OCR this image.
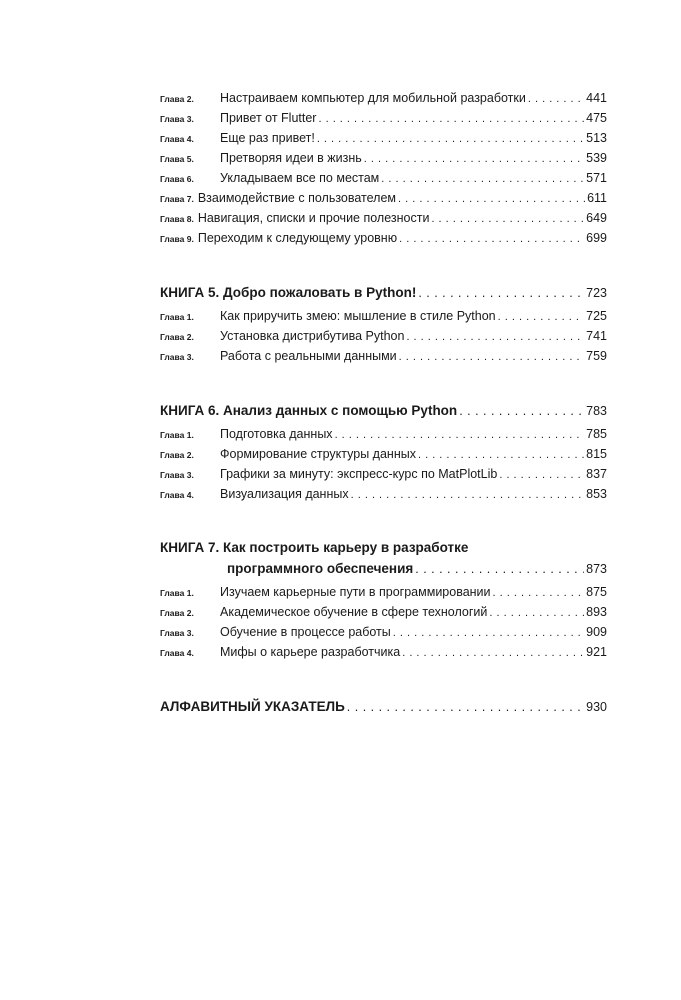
Глава 2.	Настраиваем компьютер для мобильной разработки . . .	441
Глава 3.	Привет от Flutter . . .	475
Глава 4.	Еще раз привет! . . .	513
Глава 5.	Претворяя идеи в жизнь . . .	539
Глава 6.	Укладываем все по местам . . .	571
Глава 7. Взаимодействие с пользователем . . .	611
Глава 8. Навигация, списки и прочие полезности . . .	649
Глава 9. Переходим к следующему уровню . . .	699
КНИГА 5. Добро пожаловать в Python! . . .	723
Глава 1.	Как приручить змею: мышление в стиле Python . . .	725
Глава 2.	Установка дистрибутива Python . . .	741
Глава 3.	Работа с реальными данными . . .	759
КНИГА 6. Анализ данных с помощью Python . . .	783
Глава 1.	Подготовка данных . . .	785
Глава 2.	Формирование структуры данных . . .	815
Глава 3.	Графики за минуту: экспресс-курс по MatPlotLib . . .	837
Глава 4.	Визуализация данных . . .	853
КНИГА 7. Как построить карьеру в разработке
программного обеспечения . . .	873
Глава 1.	Изучаем карьерные пути в программировании . . .	875
Глава 2.	Академическое обучение в сфере технологий . . .	893
Глава 3.	Обучение в процессе работы . . .	909
Глава 4.	Мифы о карьере разработчика . . .	921
АЛФАВИТНЫЙ УКАЗАТЕЛЬ . . .	930
